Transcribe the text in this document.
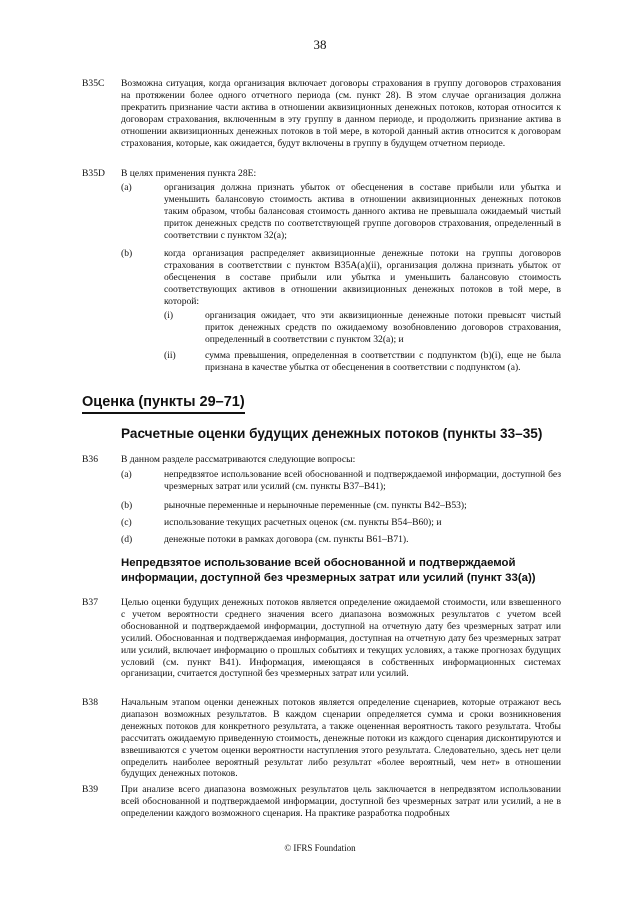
38
B35C Возможна ситуация, когда организация включает договоры страхования в группу договоров страхования на протяжении более одного отчетного периода (см. пункт 28). В этом случае организация должна прекратить признание части актива в отношении аквизиционных денежных потоков, которая относится к договорам страхования, включенным в эту группу в данном периоде, и продолжить признание актива в отношении аквизиционных денежных потоков в той мере, в которой данный актив относится к договорам страхования, которые, как ожидается, будут включены в группу в будущем отчетном периоде.
B35D В целях применения пункта 28E:
(a)	организация должна признать убыток от обесценения в составе прибыли или убытка и уменьшить балансовую стоимость актива в отношении аквизиционных денежных потоков таким образом, чтобы балансовая стоимость данного актива не превышала ожидаемый чистый приток денежных средств по соответствующей группе договоров страхования, определенный в соответствии с пунктом 32(a);
(b)	когда организация распределяет аквизиционные денежные потоки на группы договоров страхования в соответствии с пунктом B35A(a)(ii), организация должна признать убыток от обесценения в составе прибыли или убытка и уменьшить балансовую стоимость соответствующих активов в отношении аквизиционных денежных потоков в той мере, в которой:
(i)	организация ожидает, что эти аквизиционные денежные потоки превысят чистый приток денежных средств по ожидаемому возобновлению договоров страхования, определенный в соответствии с пунктом 32(a); и
(ii)	сумма превышения, определенная в соответствии с подпунктом (b)(i), еще не была признана в качестве убытка от обесценения в соответствии с подпунктом (a).
Оценка (пункты 29–71)
Расчетные оценки будущих денежных потоков (пункты 33–35)
B36 В данном разделе рассматриваются следующие вопросы:
(a)	непредвзятое использование всей обоснованной и подтверждаемой информации, доступной без чрезмерных затрат или усилий (см. пункты B37–B41);
(b)	рыночные переменные и нерыночные переменные (см. пункты B42–B53);
(c)	использование текущих расчетных оценок (см. пункты B54–B60); и
(d)	денежные потоки в рамках договора (см. пункты B61–B71).
Непредвзятое использование всей обоснованной и подтверждаемой информации, доступной без чрезмерных затрат или усилий (пункт 33(a))
B37 Целью оценки будущих денежных потоков является определение ожидаемой стоимости, или взвешенного с учетом вероятности среднего значения всего диапазона возможных результатов с учетом всей обоснованной и подтверждаемой информации, доступной на отчетную дату без чрезмерных затрат или усилий. Обоснованная и подтверждаемая информация, доступная на отчетную дату без чрезмерных затрат или усилий, включает информацию о прошлых событиях и текущих условиях, а также прогнозах будущих условий (см. пункт B41). Информация, имеющаяся в собственных информационных системах организации, считается доступной без чрезмерных затрат или усилий.
B38 Начальным этапом оценки денежных потоков является определение сценариев, которые отражают весь диапазон возможных результатов. В каждом сценарии определяется сумма и сроки возникновения денежных потоков для конкретного результата, а также оцененная вероятность такого результата. Чтобы рассчитать ожидаемую приведенную стоимость, денежные потоки из каждого сценария дисконтируются и взвешиваются с учетом оценки вероятности наступления этого результата. Следовательно, здесь нет цели определить наиболее вероятный результат либо результат «более вероятный, чем нет» в отношении будущих денежных потоков.
B39 При анализе всего диапазона возможных результатов цель заключается в непредвзятом использовании всей обоснованной и подтверждаемой информации, доступной без чрезмерных затрат или усилий, а не в определении каждого возможного сценария. На практике разработка подробных
© IFRS Foundation
